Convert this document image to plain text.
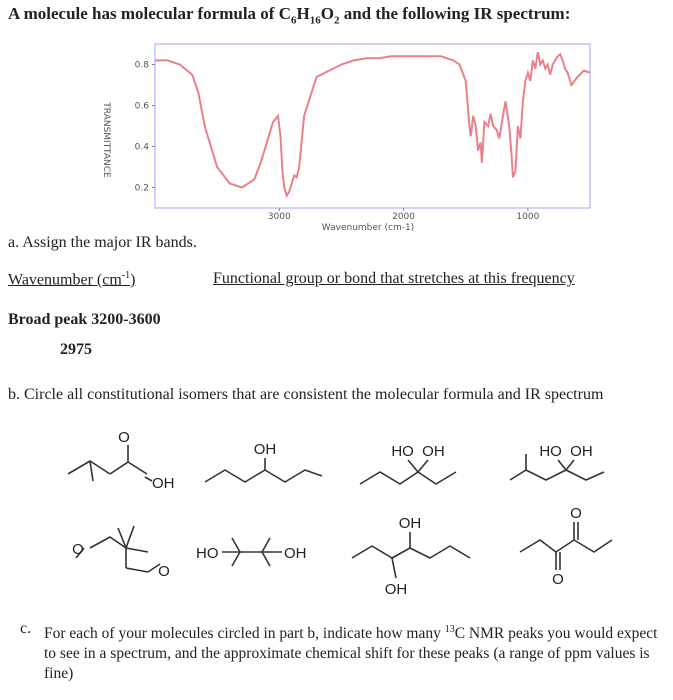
A molecule has molecular formula of $C_6H_{16}O_2$ and the following IR spectrum:
0.8
0.6
0.4
0.2
3000	2000	1000
TRANSMITTANCE
Wavenumber (cm-1)
a. Assign the major IR bands.
Wavenumber $(cm^{-1})$	Functional group or bond that stretches at this frequency
Broad peak 3200-3600
2975
b. Circle all constitutional isomers that are consistent the molecular formula and IR spectrum
O
OH
OH	HO  OH	HO  OH
O
O
HO	OH
OH
OH
O
O
c. For each of your molecules circled in part b, indicate how many $^{13}$C NMR peaks you would expect to see in a spectrum, and the approximate chemical shift for these peaks (a range of ppm values is fine)
